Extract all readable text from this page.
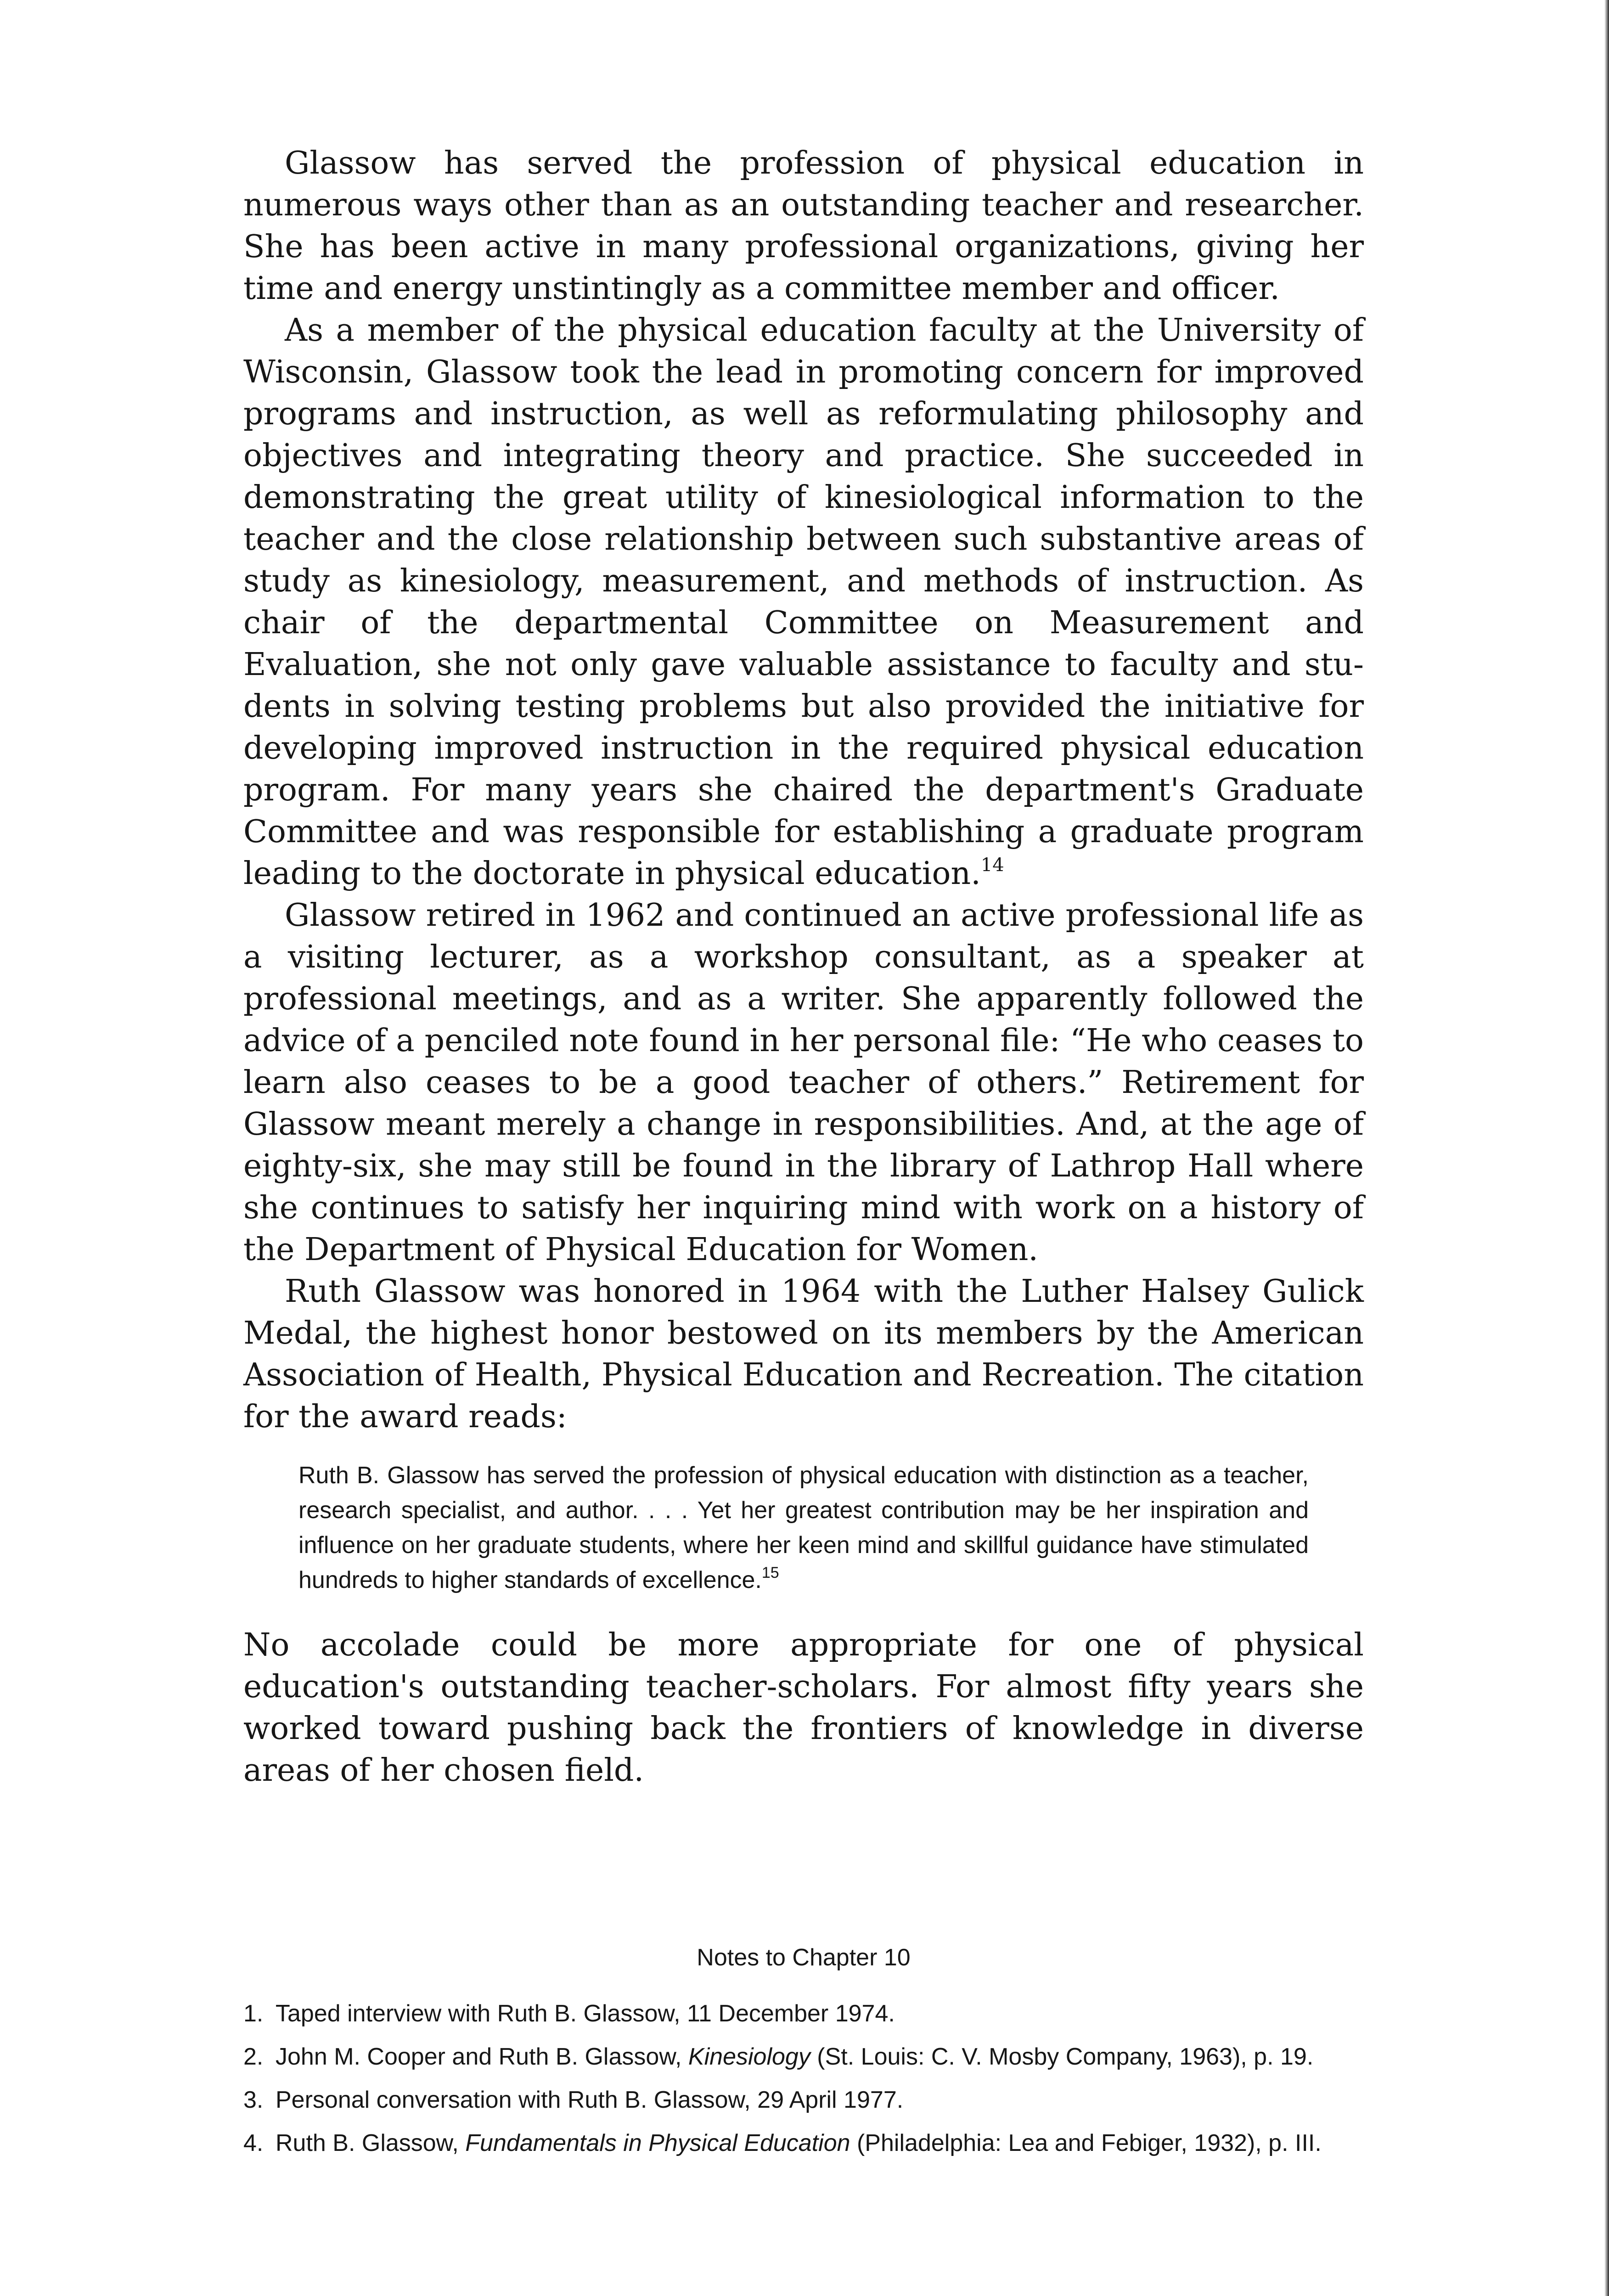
Glassow has served the profession of physical education in numerous ways other than as an outstanding teacher and researcher. She has been active in many professional organizations, giving her time and energy unstintingly as a committee member and officer.

As a member of the physical education faculty at the University of Wisconsin, Glassow took the lead in promoting concern for improved programs and instruction, as well as reformulating philosophy and objectives and integrating theory and practice. She succeeded in demonstrating the great utility of kinesiological information to the teacher and the close relationship between such substantive areas of study as kinesiology, measurement, and methods of instruction. As chair of the departmental Committee on Measurement and Evaluation, she not only gave valuable assistance to faculty and students in solving testing problems but also provided the initiative for developing improved instruction in the required physical education program. For many years she chaired the department's Graduate Committee and was responsible for establishing a graduate program leading to the doctorate in physical education.$^{14}$

Glassow retired in 1962 and continued an active professional life as a visiting lecturer, as a workshop consultant, as a speaker at professional meetings, and as a writer. She apparently followed the advice of a penciled note found in her personal file: “He who ceases to learn also ceases to be a good teacher of others.” Retirement for Glassow meant merely a change in responsibilities. And, at the age of eighty-six, she may still be found in the library of Lathrop Hall where she continues to satisfy her inquiring mind with work on a history of the Department of Physical Education for Women.

Ruth Glassow was honored in 1964 with the Luther Halsey Gulick Medal, the highest honor bestowed on its members by the American Association of Health, Physical Education and Recreation. The citation for the award reads:

Ruth B. Glassow has served the profession of physical education with distinction as a teacher, research specialist, and author. . . . Yet her greatest contribution may be her inspiration and influence on her graduate students, where her keen mind and skillful guidance have stimulated hundreds to higher standards of excellence.$^{15}$

No accolade could be more appropriate for one of physical education's outstanding teacher-scholars. For almost fifty years she worked toward pushing back the frontiers of knowledge in diverse areas of her chosen field.

Notes to Chapter 10
1. Taped interview with Ruth B. Glassow, 11 December 1974.
2. John M. Cooper and Ruth B. Glassow, Kinesiology (St. Louis: C. V. Mosby Company, 1963), p. 19.
3. Personal conversation with Ruth B. Glassow, 29 April 1977.
4. Ruth B. Glassow, Fundamentals in Physical Education (Philadelphia: Lea and Febiger, 1932), p. III.
